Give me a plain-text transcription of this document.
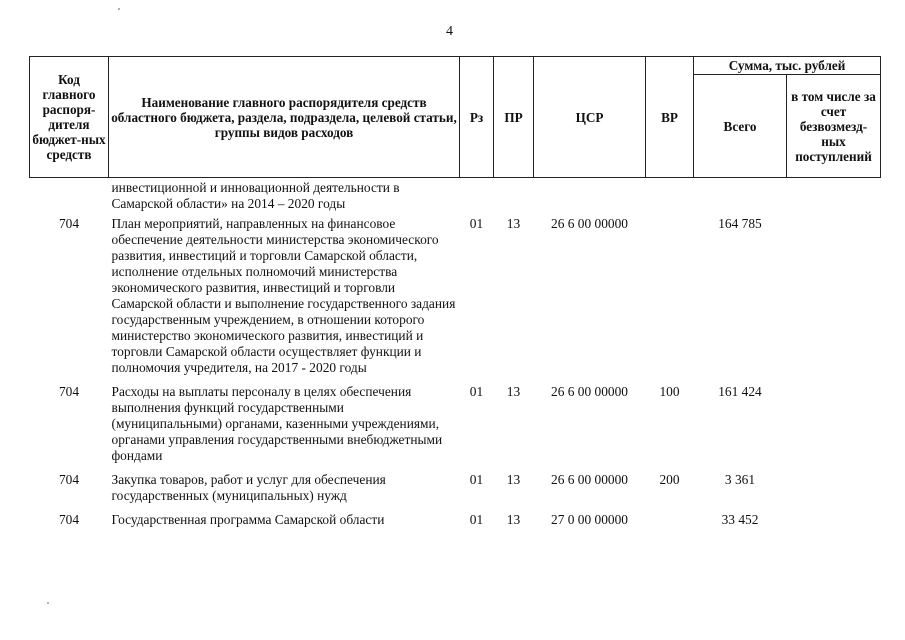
4
Код главного распоря-дителя бюджет-ных средств	Наименование главного распорядителя средств областного бюджета, раздела, подраздела, целевой статьи, группы видов расходов	Рз	ПР	ЦСР	ВР	Сумма, тыс. рублей	
						Всего	в том числе за счет безвозмезд-ных поступлений
	инвестиционной и инновационной деятельности в Самарской области» на 2014 – 2020 годы						
704	План мероприятий, направленных на финансовое обеспечение деятельности министерства экономического развития, инвестиций и торговли Самарской области, исполнение отдельных полномочий министерства экономического развития, инвестиций и торговли Самарской области и выполнение государственного задания государственным учреждением, в отношении которого министерство экономического развития, инвестиций и торговли Самарской области осуществляет функции и полномочия учредителя, на 2017 - 2020 годы	01	13	26 6 00 00000		164 785	
704	Расходы на выплаты персоналу в целях обеспечения выполнения функций государственными (муниципальными) органами, казенными учреждениями, органами управления государственными внебюджетными фондами	01	13	26 6 00 00000	100	161 424	
704	Закупка товаров, работ и услуг для обеспечения государственных (муниципальных) нужд	01	13	26 6 00 00000	200	3 361	
704	Государственная программа Самарской области	01	13	27 0 00 00000		33 452	
